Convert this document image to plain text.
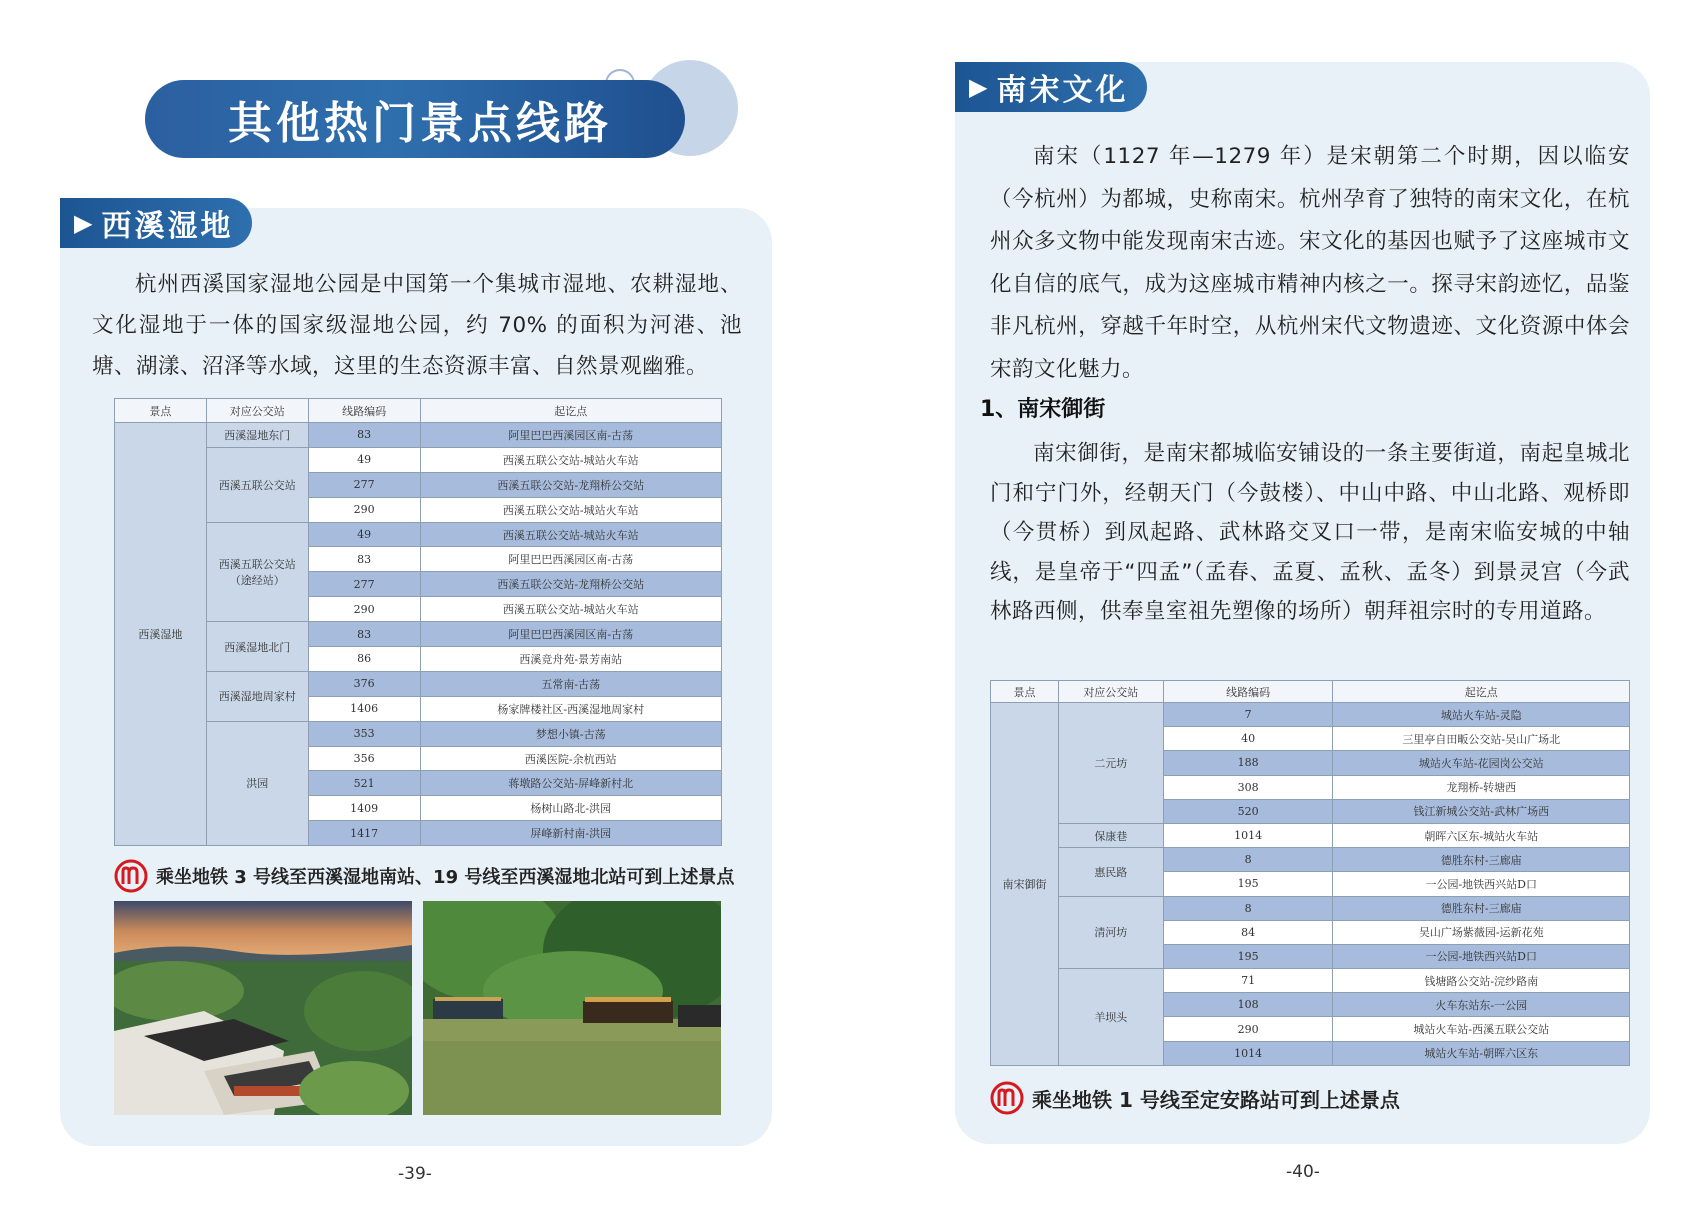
其他热门景点线路
▶ 西溪湿地

杭州西溪国家湿地公园是中国第一个集城市湿地、农耕湿地、文化湿地于一体的国家级湿地公园，约 70% 的面积为河港、池塘、湖漾、沼泽等水域，这里的生态资源丰富、自然景观幽雅。

景点	对应公交站	线路编码	起讫点
西溪湿地	西溪湿地东门	83	阿里巴巴西溪园区南-古荡
	西溪五联公交站	49	西溪五联公交站-城站火车站
		277	西溪五联公交站-龙翔桥公交站
		290	西溪五联公交站-城站火车站
	西溪五联公交站（途经站）	49	西溪五联公交站-城站火车站
		83	阿里巴巴西溪园区南-古荡
		277	西溪五联公交站-龙翔桥公交站
		290	西溪五联公交站-城站火车站
	西溪湿地北门	83	阿里巴巴西溪园区南-古荡
		86	西溪竞舟苑-景芳南站
	西溪湿地周家村	376	五常南-古荡
		1406	杨家牌楼社区-西溪湿地周家村
	洪园	353	梦想小镇-古荡
		356	西溪医院-余杭西站
		521	蒋墩路公交站-屏峰新村北
		1409	杨树山路北-洪园
		1417	屏峰新村南-洪园
乘坐地铁 3 号线至西溪湿地南站、19 号线至西溪湿地北站可到上述景点
-39-
▶ 南宋文化

南宋（1127 年—1279 年）是宋朝第二个时期，因以临安（今杭州）为都城，史称南宋。杭州孕育了独特的南宋文化，在杭州众多文物中能发现南宋古迹。宋文化的基因也赋予了这座城市文化自信的底气，成为这座城市精神内核之一。探寻宋韵迹忆，品鉴非凡杭州，穿越千年时空，从杭州宋代文物遗迹、文化资源中体会宋韵文化魅力。

1、南宋御街

南宋御街，是南宋都城临安铺设的一条主要街道，南起皇城北门和宁门外，经朝天门（今鼓楼）、中山中路、中山北路、观桥即（今贯桥）到凤起路、武林路交叉口一带，是南宋临安城的中轴线，是皇帝于“四孟”（孟春、孟夏、孟秋、孟冬）到景灵宫（今武林路西侧，供奉皇室祖先塑像的场所）朝拜祖宗时的专用道路。

景点	对应公交站	线路编码	起讫点
南宋御街	二元坊	7	城站火车站-灵隐
		40	三里亭自田畈公交站-吴山广场北
		188	城站火车站-花园岗公交站
		308	龙翔桥-转塘西
		520	钱江新城公交站-武林广场西
	保康巷	1014	朝晖六区东-城站火车站
	惠民路	8	德胜东村-三廊庙
		195	一公园-地铁西兴站D口
	清河坊	8	德胜东村-三廊庙
		84	吴山广场紫薇园-运新花苑
		195	一公园-地铁西兴站D口
	羊坝头	71	钱塘路公交站-浣纱路南
		108	火车东站东-一公园
		290	城站火车站-西溪五联公交站
		1014	城站火车站-朝晖六区东
乘坐地铁 1 号线至定安路站可到上述景点
-40-
